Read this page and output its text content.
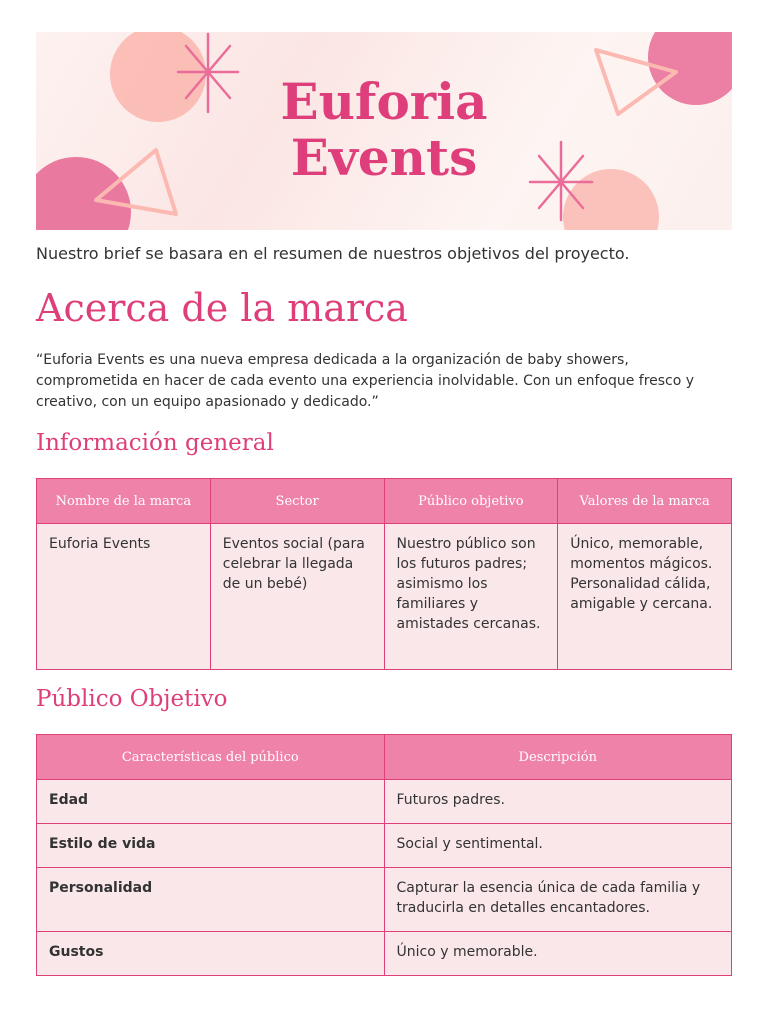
Euforia
Events
Nuestro brief se basara en el resumen de nuestros objetivos del proyecto.
Acerca de la marca
“Euforia Events es una nueva empresa dedicada a la organización de baby showers, comprometida en hacer de cada evento una experiencia inolvidable. Con un enfoque fresco y creativo, con un equipo apasionado y dedicado.”
Información general
Nombre de la marca	Sector	Público objetivo	Valores de la marca
Euforia Events	Eventos social (para celebrar la llegada de un bebé)	Nuestro público son los futuros padres; asimismo los familiares y amistades cercanas.	Único, memorable, momentos mágicos. Personalidad cálida, amigable y cercana.
Público Objetivo
Características del público	Descripción
Edad	Futuros padres.
Estilo de vida	Social y sentimental.
Personalidad	Capturar la esencia única de cada familia y traducirla en detalles encantadores.
Gustos	Único y memorable.
